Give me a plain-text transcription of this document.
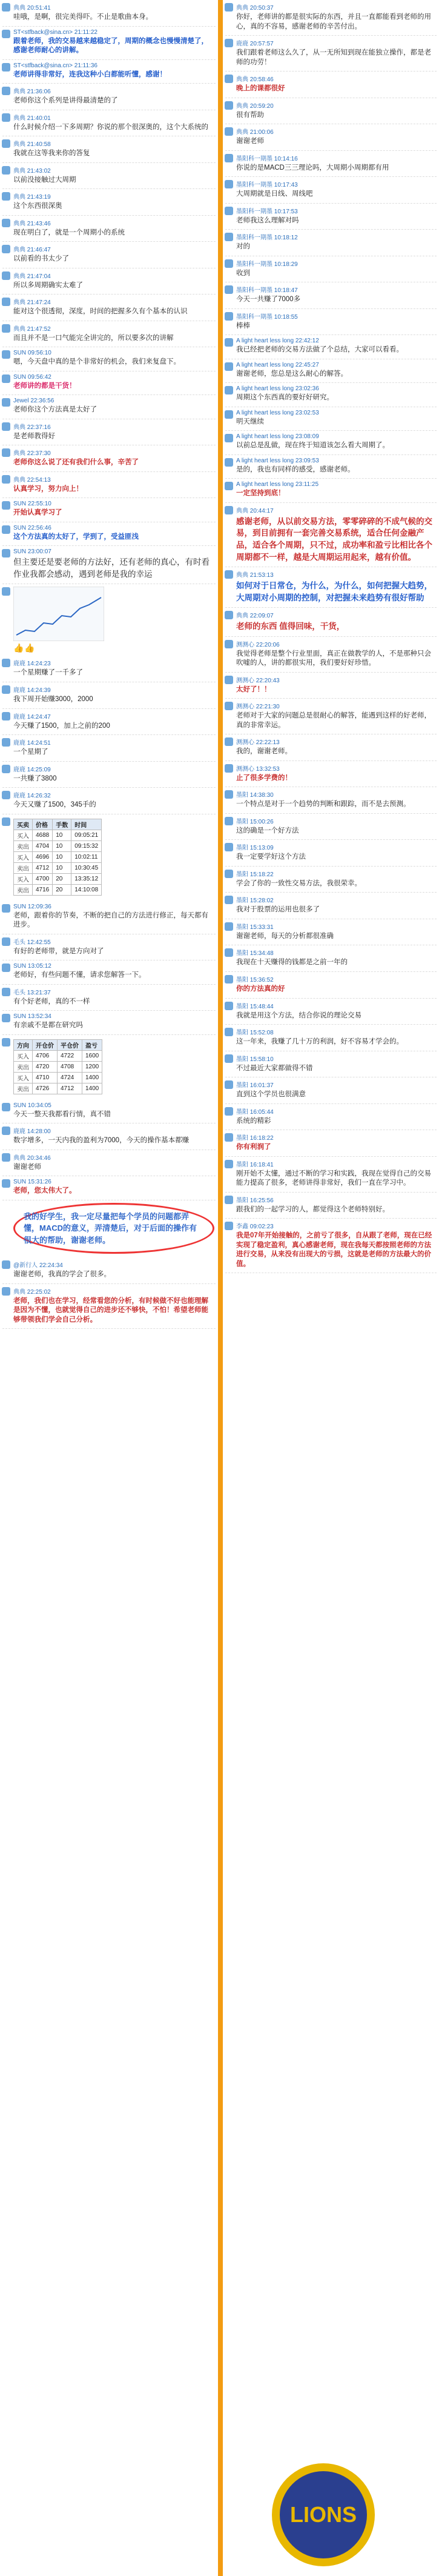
典典 20:51:41
哇哦，是啊，很完美得吓。不止是歌曲本身。
ST<stfback@sina.cn> 21:11:22
跟着老师，我的交易越来越稳定了，周期的概念也慢慢清楚了，感谢老师耐心的讲解。
ST<stfback@sina.cn> 21:11:36
老师讲得非常好，连我这种小白都能听懂，感谢！
典典 21:36:06
老师你这个系列是讲得最清楚的了
典典 21:40:01
什么时候介绍一下多周期？你说的那个很深奥的，这个大系统的
典典 21:40:58
我就在这等我来你的答复
典典 21:43:02
以前没接触过大周期
典典 21:43:19
这个东西很深奥
典典 21:43:46
现在明白了，就是一个周期小的系统
典典 21:46:47
以前看的书太少了
典典 21:47:04
所以多周期确实太难了
典典 21:47:24
能对这个很透彻，深度，时间的把握多久有个基本的认识
典典 21:47:52
而且并不是一口气能完全讲完的，所以要多次的讲解
SUN 09:56:10
嗯，今天盘中真的是个非常好的机会，我们来复盘下。
SUN 09:56:42
老师讲的都是干货！
Jewel 22:36:56
老师你这个方法真是太好了
典典 22:37:16
是老师教得好
典典 22:37:30
老师你这么说了还有我们什么事，辛苦了
典典 22:54:13
认真学习，努力向上！
SUN 22:55:10
开始认真学习了
SUN 22:56:46
这个方法真的太好了，学到了，受益匪浅
SUN 23:00:07
但主要还是要老师的方法好，还有老师的真心，有时看作业我都会感动，遇到老师是我的幸运
👍👍
鹿鹿 14:24:23
一个星期赚了一千多了
鹿鹿 14:24:39
我下周开始赚3000，2000
鹿鹿 14:24:47
今天赚了1500，加上之前的200
鹿鹿 14:24:51
一个星期了
鹿鹿 14:25:09
一共赚了3800
鹿鹿 14:26:32
今天又赚了1500，345手的
买卖	价格	手数	时间
买入	4688	10	09:05:21
卖出	4704	10	09:15:32
买入	4696	10	10:02:11
卖出	4712	10	10:30:45
买入	4700	20	13:35:12
卖出	4716	20	14:10:08
SUN 12:09:36
老师，跟着你的节奏，不断的把自己的方法进行修正，每天都有进步。
毛头 12:42:55
有好的老师带，就是方向对了
SUN 13:05:12
老师好，有些问题不懂，请求您解答一下。
毛头 13:21:37
有个好老师，真的不一样
SUN 13:52:34
有亲戚不是都在研究吗
方向	开仓价	平仓价	盈亏
买入	4706	4722	1600
卖出	4720	4708	1200
买入	4710	4724	1400
卖出	4726	4712	1400
SUN 10:34:05
今天一整天我都看行情，真不错
鹿鹿 14:28:00
数字增多，一天内我的盈利为7000，今天的操作基本都赚
典典 20:34:46
谢谢老师
SUN 15:31:26
老师，您太伟大了。
我的好学生，我一定尽量把每个学员的问题都弄懂，MACD的意义，弄清楚后，对于后面的操作有很大的帮助，谢谢老师。
@新行人 22:24:34
谢谢老师，我真的学会了很多。
典典 22:25:02
老师，我们也在学习，经常看您的分析，有时候做不好也能理解是因为不懂，也就觉得自己的进步还不够快，不怕！希望老师能够带领我们学会自己分析。
典典 20:50:37
你好，老师讲的都是很实际的东西，并且一直都能看到老师的用心，真的不容易，感谢老师的辛苦付出。
鹿鹿 20:57:57
我们跟着老师这么久了，从一无所知到现在能独立操作，都是老师的功劳！
典典 20:58:46
晚上的课都很好
典典 20:59:20
很有帮助
典典 21:00:06
谢谢老师
墨阳科一期墨 10:14:16
你说的是MACD三三理论吗，大周期小周期都有用
墨阳科一期墨 10:17:43
大周期就是日线、周线吧
墨阳科一期墨 10:17:53
老师我这么理解对吗
墨阳科一期墨 10:18:12
对的
墨阳科一期墨 10:18:29
收到
墨阳科一期墨 10:18:47
今天一共赚了7000多
墨阳科一期墨 10:18:55
棒棒
A light heart less long 22:42:12
我已经把老师的交易方法做了个总结，大家可以看看。
A light heart less long 22:45:27
谢谢老师，您总是这么耐心的解答。
A light heart less long 23:02:36
周期这个东西真的要好好研究。
A light heart less long 23:02:53
明天继续
A light heart less long 23:08:09
以前总是乱做，现在终于知道该怎么看大周期了。
A light heart less long 23:09:53
是的，我也有同样的感受，感谢老师。
A light heart less long 23:11:25
一定坚持到底！
典典 20:44:17
感谢老师，从以前交易方法，零零碎碎的不成气候的交易，到目前拥有一套完善交易系统，适合任何金融产品，适合各个周期，只不过，成功率和盈亏比相比各个周期都不一样，越是大周期运用起来，越有价值。
典典 21:53:13
如何对于日常仓，为什么，为什么，如何把握大趋势，大周期对小周期的控制，对把握未来趋势有很好帮助
典典 22:09:07
老师的东西 值得回味，干货，
测测心 22:20:06
我觉得老师是整个行业里面，真正在做教学的人，不是那种只会吹嘘的人，讲的都很实用，我们要好好珍惜。
测测心 22:20:43
太好了！！
测测心 22:21:30
老师对于大家的问题总是很耐心的解答，能遇到这样的好老师，真的非常幸运。
测测心 22:22:13
我的，谢谢老师。
测测心 13:32:53
止了很多学费的！
墨阳 14:38:30
一个特点是对于一个趋势的判断和跟踪，而不是去预测。
墨阳 15:00:26
这的确是一个好方法
墨阳 15:13:09
我一定要学好这个方法
墨阳 15:18:22
学会了你的一致性交易方法，我很荣幸。
墨阳 15:28:02
我对于股票的运用也很多了
墨阳 15:33:31
谢谢老师，每天的分析都很准确
墨阳 15:34:48
我现在十天赚得的钱都是之前一年的
墨阳 15:36:52
你的方法真的好
墨阳 15:48:44
我就是用这个方法，结合你说的理论交易
墨阳 15:52:08
这一年来，我赚了几十万的利润，好不容易才学会的。
墨阳 15:58:10
不过最近大家都做得不错
墨阳 16:01:37
直到这个学员也很满意
墨阳 16:05:44
系统的精彩
墨阳 16:18:22
你有利润了
墨阳 16:18:41
刚开始不太懂，通过不断的学习和实践，我现在觉得自己的交易能力提高了很多，老师讲得非常好，我们一直在学习中。
墨阳 16:25:56
跟我们的一起学习的人，都觉得这个老师特别好。
李鑫 09:02:23
我是07年开始接触的，之前亏了很多，自从跟了老师，现在已经实现了稳定盈利，真心感谢老师，现在我每天都按照老师的方法进行交易，从来没有出现大的亏损，这就是老师的方法最大的价值。
LIONS
